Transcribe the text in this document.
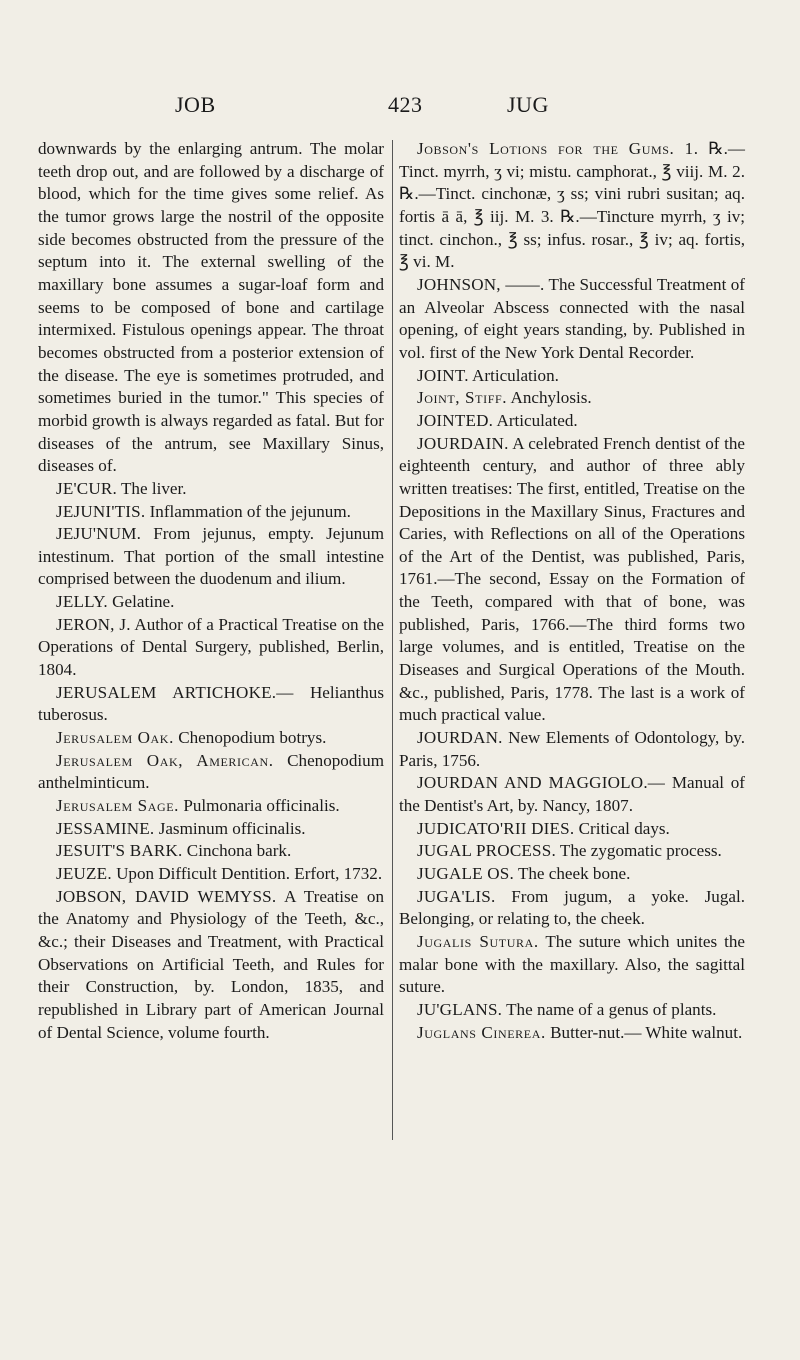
JOB	423	JUG

downwards by the enlarging antrum. The molar teeth drop out, and are followed by a discharge of blood, which for the time gives some relief. As the tumor grows large the nostril of the opposite side becomes obstructed from the pressure of the septum into it. The external swelling of the maxillary bone assumes a sugar-loaf form and seems to be composed of bone and cartilage intermixed. Fistulous openings appear. The throat becomes obstructed from a posterior extension of the disease. The eye is sometimes protruded, and sometimes buried in the tumor." This species of morbid growth is always regarded as fatal. But for diseases of the antrum, see Maxillary Sinus, diseases of.

JE'CUR. The liver.

JEJUNI'TIS. Inflammation of the jejunum.

JEJU'NUM. From jejunus, empty. Jejunum intestinum. That portion of the small intestine comprised between the duodenum and ilium.

JELLY. Gelatine.

JERON, J. Author of a Practical Treatise on the Operations of Dental Surgery, published, Berlin, 1804.

JERUSALEM ARTICHOKE.— Helianthus tuberosus.

Jerusalem Oak. Chenopodium botrys.

Jerusalem Oak, American. Chenopodium anthelminticum.

Jerusalem Sage. Pulmonaria officinalis.

JESSAMINE. Jasminum officinalis.

JESUIT'S BARK. Cinchona bark.

JEUZE. Upon Difficult Dentition. Erfort, 1732.

JOBSON, DAVID WEMYSS. A Treatise on the Anatomy and Physiology of the Teeth, &c., &c.; their Diseases and Treatment, with Practical Observations on Artificial Teeth, and Rules for their Construction, by. London, 1835, and republished in Library part of American Journal of Dental Science, volume fourth.

Jobson's Lotions for the Gums. 1. ℞.—Tinct. myrrh, ʒ vi; mistu. camphorat., ℥ viij. M. 2. ℞.—Tinct. cinchonæ, ʒ ss; vini rubri susitan; aq. fortis ā ā, ℥ iij. M. 3. ℞.—Tincture myrrh, ʒ iv; tinct. cinchon., ℥ ss; infus. rosar., ℥ iv; aq. fortis, ℥ vi. M.

JOHNSON, ——. The Successful Treatment of an Alveolar Abscess connected with the nasal opening, of eight years standing, by. Published in vol. first of the New York Dental Recorder.

JOINT. Articulation.

Joint, Stiff. Anchylosis.

JOINTED. Articulated.

JOURDAIN. A celebrated French dentist of the eighteenth century, and author of three ably written treatises: The first, entitled, Treatise on the Depositions in the Maxillary Sinus, Fractures and Caries, with Reflections on all of the Operations of the Art of the Dentist, was published, Paris, 1761.—The second, Essay on the Formation of the Teeth, compared with that of bone, was published, Paris, 1766.—The third forms two large volumes, and is entitled, Treatise on the Diseases and Surgical Operations of the Mouth. &c., published, Paris, 1778. The last is a work of much practical value.

JOURDAN. New Elements of Odontology, by. Paris, 1756.

JOURDAN AND MAGGIOLO.— Manual of the Dentist's Art, by. Nancy, 1807.

JUDICATO'RII DIES. Critical days.

JUGAL PROCESS. The zygomatic process.

JUGALE OS. The cheek bone.

JUGA'LIS. From jugum, a yoke. Jugal. Belonging, or relating to, the cheek.

Jugalis Sutura. The suture which unites the malar bone with the maxillary. Also, the sagittal suture.

JU'GLANS. The name of a genus of plants.

Juglans Cinerea. Butter-nut.— White walnut.
